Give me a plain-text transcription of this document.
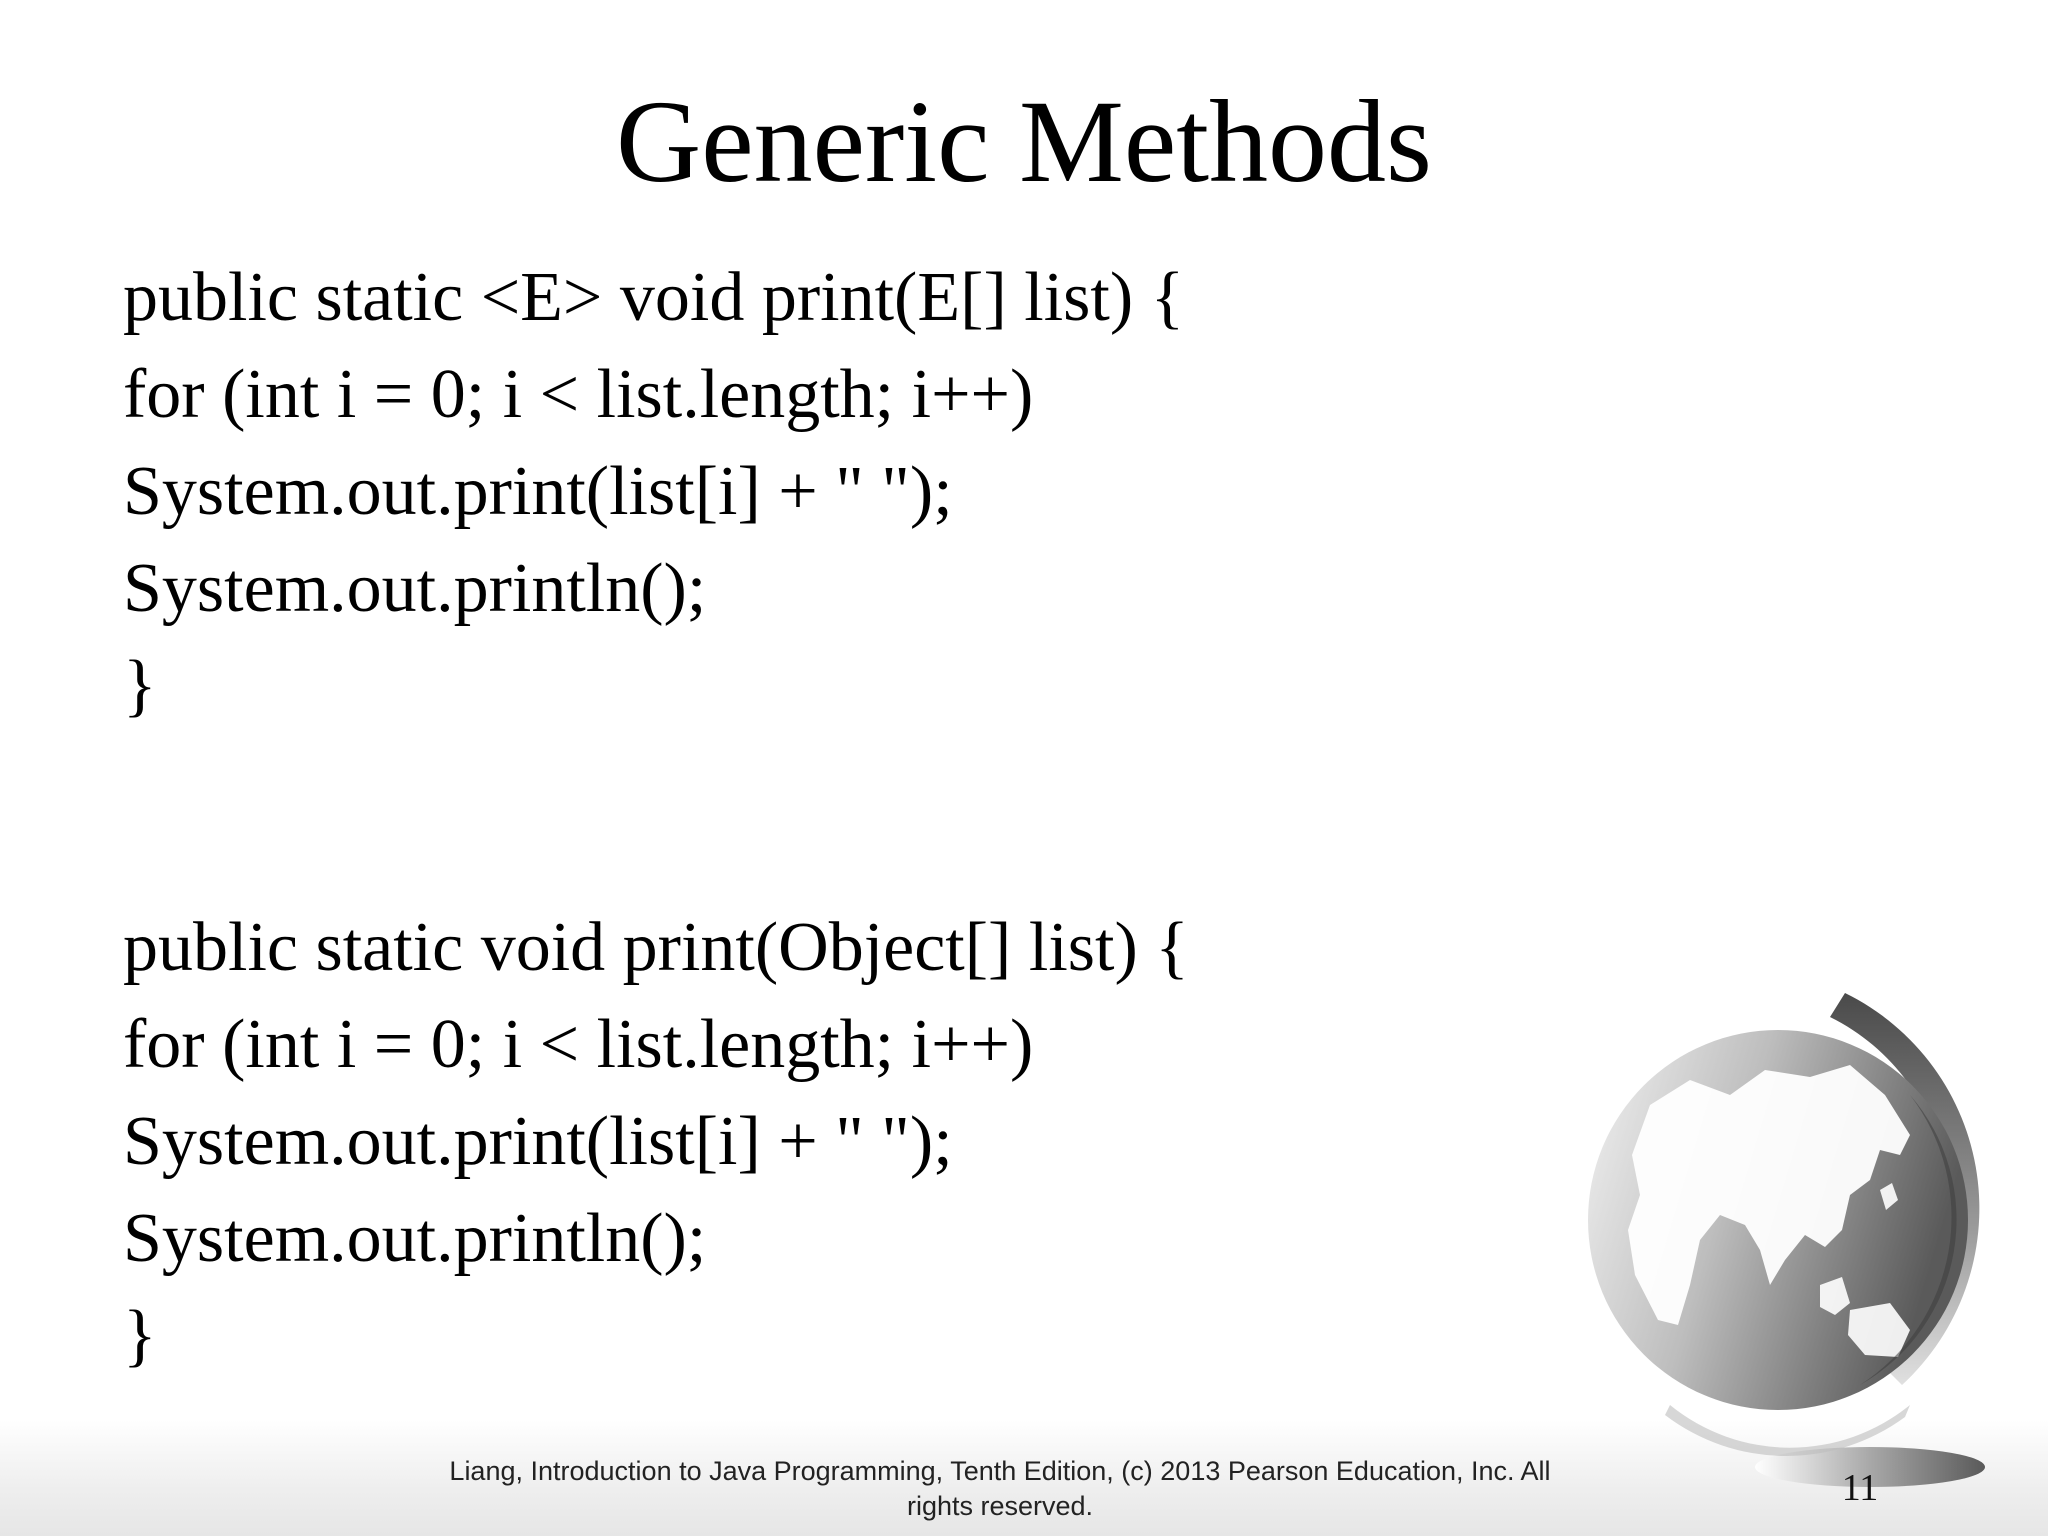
Generic Methods

public static <E> void print(E[] list) {

for (int i = 0; i < list.length; i++)

System.out.print(list[i] + " ");

System.out.println();

}

public static void print(Object[] list) {

for (int i = 0; i < list.length; i++)

System.out.print(list[i] + " ");

System.out.println();

}

Liang, Introduction to Java Programming, Tenth Edition, (c) 2013 Pearson Education, Inc. All
rights reserved.	11
